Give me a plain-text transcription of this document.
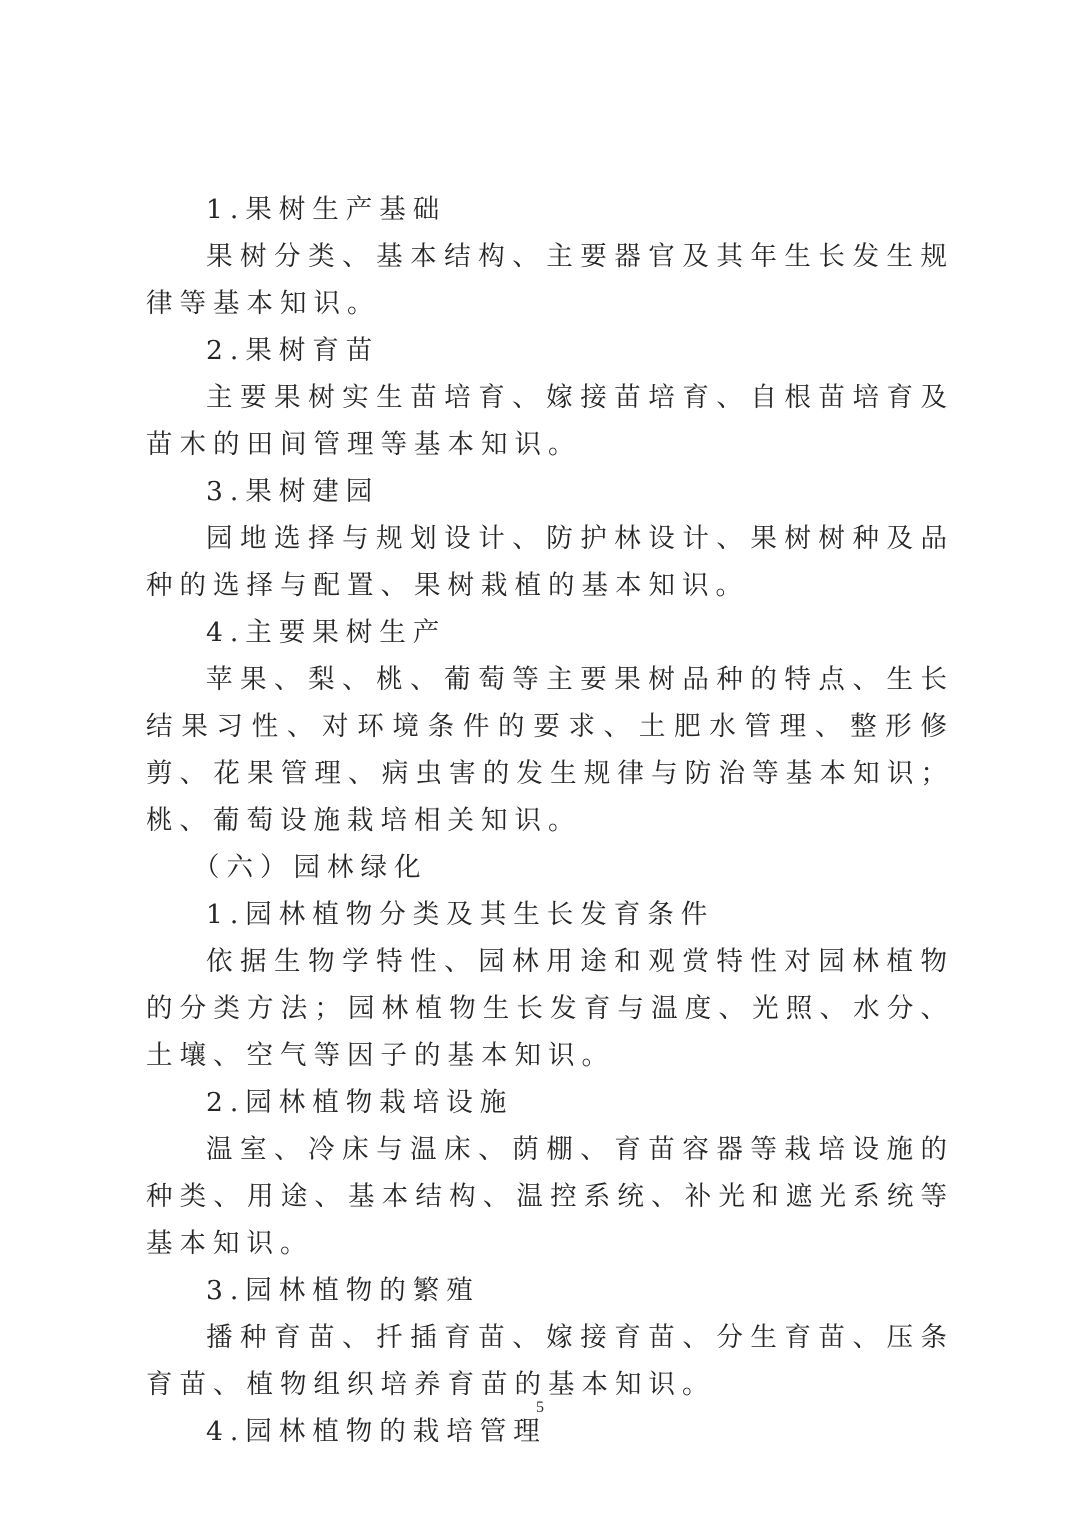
1.果树生产基础

果树分类、基本结构、主要器官及其年生长发生规律等基本知识。

2.果树育苗

主要果树实生苗培育、嫁接苗培育、自根苗培育及苗木的田间管理等基本知识。

3.果树建园

园地选择与规划设计、防护林设计、果树树种及品种的选择与配置、果树栽植的基本知识。

4.主要果树生产

苹果、梨、桃、葡萄等主要果树品种的特点、生长结果习性、对环境条件的要求、土肥水管理、整形修剪、花果管理、病虫害的发生规律与防治等基本知识；桃、葡萄设施栽培相关知识。

（六）园林绿化

1.园林植物分类及其生长发育条件

依据生物学特性、园林用途和观赏特性对园林植物的分类方法；园林植物生长发育与温度、光照、水分、土壤、空气等因子的基本知识。

2.园林植物栽培设施

温室、冷床与温床、荫棚、育苗容器等栽培设施的种类、用途、基本结构、温控系统、补光和遮光系统等基本知识。

3.园林植物的繁殖

播种育苗、扦插育苗、嫁接育苗、分生育苗、压条育苗、植物组织培养育苗的基本知识。

4.园林植物的栽培管理

5
